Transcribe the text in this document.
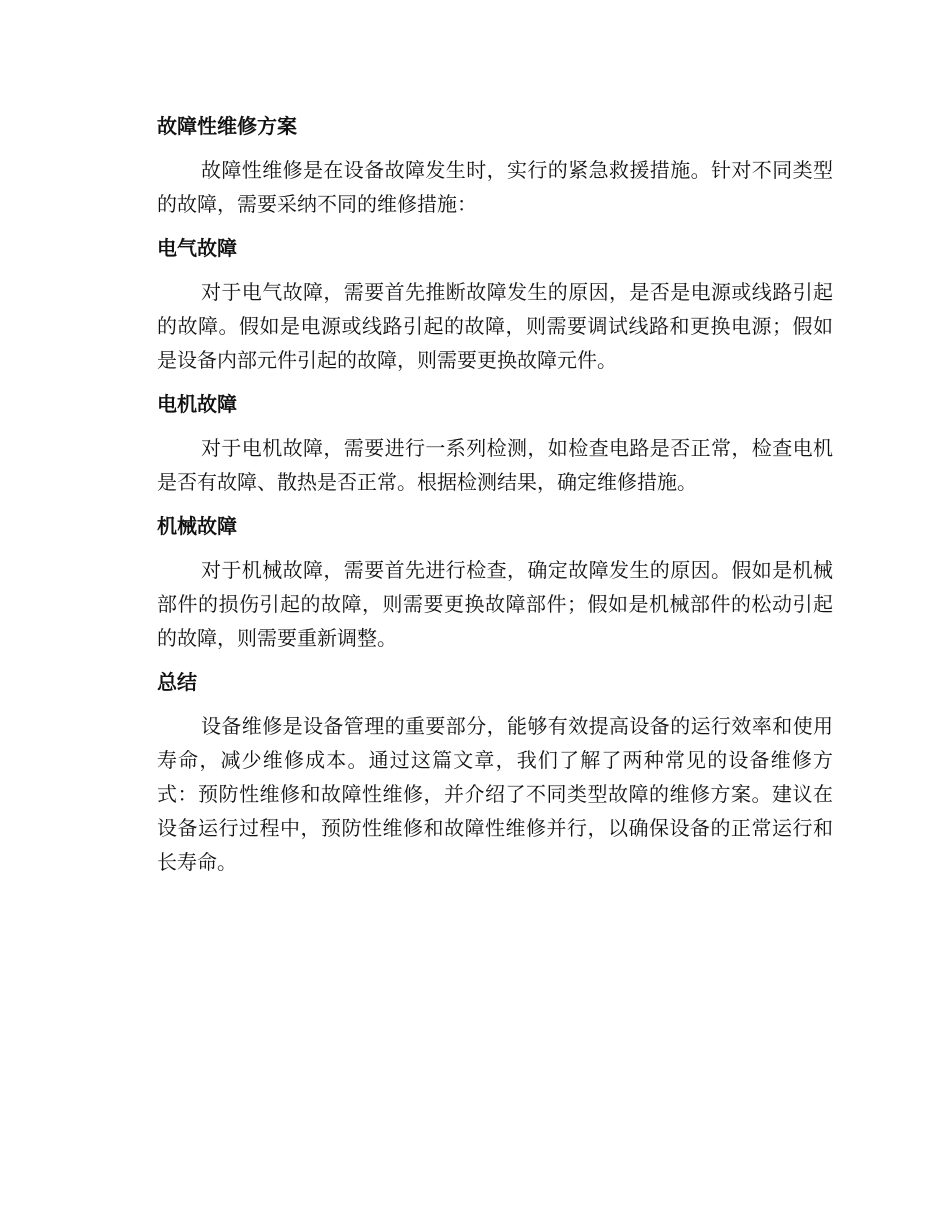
故障性维修方案
故障性维修是在设备故障发生时，实行的紧急救援措施。针对不同类型
的故障，需要采纳不同的维修措施：
电气故障
对于电气故障，需要首先推断故障发生的原因，是否是电源或线路引起
的故障。假如是电源或线路引起的故障，则需要调试线路和更换电源；假如
是设备内部元件引起的故障，则需要更换故障元件。
电机故障
对于电机故障，需要进行一系列检测，如检查电路是否正常，检查电机
是否有故障、散热是否正常。根据检测结果，确定维修措施。
机械故障
对于机械故障，需要首先进行检查，确定故障发生的原因。假如是机械
部件的损伤引起的故障，则需要更换故障部件；假如是机械部件的松动引起
的故障，则需要重新调整。
总结
设备维修是设备管理的重要部分，能够有效提高设备的运行效率和使用
寿命，减少维修成本。通过这篇文章，我们了解了两种常见的设备维修方
式：预防性维修和故障性维修，并介绍了不同类型故障的维修方案。建议在
设备运行过程中，预防性维修和故障性维修并行，以确保设备的正常运行和
长寿命。
